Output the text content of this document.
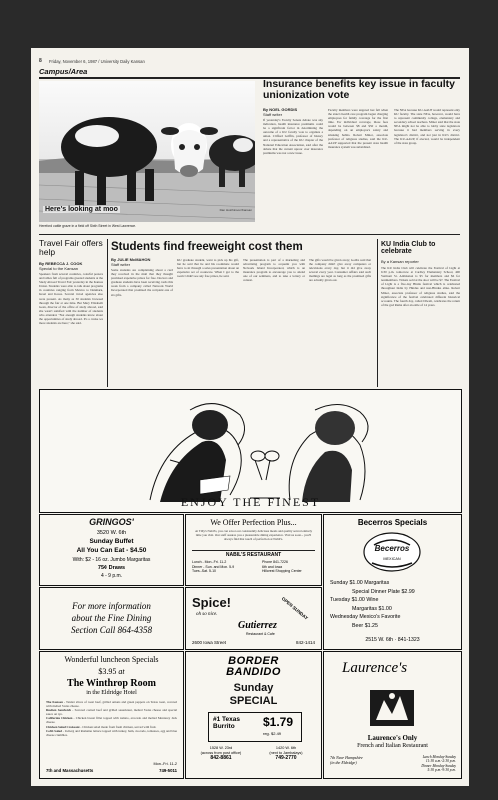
8 Friday, November 6, 1987 / University Daily Kansan
Campus/Area
Here's looking at moo	Dan Hutchinson/Kansan
Hereford cattle graze in a field off Sixth Street in West Lawrence.
Insurance benefits key issue in faculty unionization vote
By NOEL GORDIS
Staff writer
If yesterday's Faculty Senate debate was any indication, health insurance premiums could be a significant factor in determining the outcome of a KU faculty vote to organize a union. Clifford Griffin, professor of history and a representative of the KU chapter of the National Education Association, said after the debate that the current uproar over insurance premiums was not a new issue.
Faculty members were angered last fall when the state's health care program began charging employees for family coverage for the first time. For individual coverage, those fees would be between $8 and $50 a month, depending on an employee's salary and smoking habits. Robert Minor, associate professor of religious studies, said the KU-AAUP supported that the present state health insurance system was subsidized.
The NEA because KU-AAUP would represent only KU faculty. The state NEA, however, would have to represent community college, elementary and secondary school teachers. Minor said that the state NEA might not be able to lobby state legislators because it had members serving in every legislator's district, and not just in KU's district. The KU-AAUP, if elected, would be independent of the state group.
Travel Fair offers help
By REBECCA J. COOK
Special to the Kansan
Speakers from several countries, colorful posters and tables full of programs greeted students at the Study Abroad Travel Fair yesterday in the Kansas Union. Students were able to talk about programs in countries ranging from Mexico to Denmark, Israel and Korea. Several travel agencies also were present. As many as 30 students browsed through the fair at one time. But Mary Elizabeth Geen, director of the office of study abroad, said she wasn't satisfied with the number of students who attended. "Not enough students know about the opportunities of study abroad. It's a cruise we more students are here," she said.
Students find freeweight cost them
By JULIE McMAHON
Staff writer
Some students are complaining about a card they received in the mail that they thought promised expensive prizes for free. Doctors and graduate students have been receiving cards this week from a company called Network World Incorporated that promised the recipient one of six gifts.
KU graduate student, want to pick up his gift, but he said that he and his roommate would have to sit through a sales presentation about an expensive set of cookware. When I got to the room I didn't see any free prizes, he said.
The presentation is part of a marketing and advertising program to acquaint you with Network Island Incorporated, which is an insurance program to encourage you to attend one of our seminars, and to take a lottery or contest.
The gifts would be given away; Godbs said that the company didn't give away computers or televisions every day, but it did give away several every year. Consumer Affairs said such mailings are legal as long as the promised gifts are actually given out.
KU India Club to celebrate
By a Kansan reporter
The KU India Club will celebrate the Festival of Light at 6:30 p.m. tomorrow at Cardley Elementary School, 400 Vermont St. Admission is $5 for members and $6 for nonmembers. Tickets sold at the door will be $7. The Festival of Light is a five-day Hindu festival which is celebrated throughout India by Hindus and non-Hindus alike. Robert Minor, associate professor of religious studies, said the significance of the festival celebrated different historical accounts. The fourth day, called Diwali, celebrates the return of the god Rama after an exile of 14 years.
ENJOY THE FINEST
GRINGOS'
3520 W. 6th
Sunday Buffet
All You Can Eat - $4.50
With: $2 - 16 oz. Jumbo Margaritas
75¢ Draws
4 - 9 p.m.
We Offer Perfection Plus...
At Tilly's Nabil's, you can savor our consistently delicious meals and quality served entirely time you visit. Our staff assures you a pleasurable dining experience. Visit us soon... you'll always find that touch of perfection at Nabil's.
NABIL'S RESTAURANT
Lunch - Mon.-Fri. 11-2
Dinner - Sun. and Mon. 5-9
Tues.-Sat. 5-10
Phone 841-7226
6th and Iowa
Hillcrest Shopping Center
Becerros Specials
Becerros
MEXICAN
Sunday $1.00 Margaritas
Special Dinner Plate $2.99
Tuesday $1.00 Wine
Margaritas $1.00
Wednesday Mexico's Favorite
Beer $1.25
2515 W. 6th · 841-1323
For more information
about the Fine Dining
Section Call 864-4358
Spice!
oh so nice.
Gutierrez
Restaurant & Cafe
OPEN SUNDAY
2600 Iowa Street	842-1414
Wonderful luncheon Specials
$3.95 at
The Winthrop Room
in the Eldridge Hotel
The Kansan - Tender slices of roast beef, grilled onions and green peppers on Texas toast, covered with melted Swiss cheese.
Rueben Sandwich - Savored corned beef and grilled sauerkraut, melted Swiss cheese and special sauce on rye.
California Chicken - Chicken breast fillet topped with tomato, avocado and melted Monterey Jack cheese.
Chicken Salad Croissant - Chicken salad made from fresh chicken, served with fruit.
Cobb Salad - Iceberg and Romaine lettuce topped with turkey, ham, avocado, tomatoes, egg and blue cheese crumbles.
Mon.-Fri. 11-2
7th and Massachusetts	749-5011
BORDER
BANDIDO
Sunday
SPECIAL
#1 Texas Burrito	$1.79
reg. $2.49
1528 W. 23rd
(across from post office)
842-8861
1420 W. 6th
(next to Jambalays)
749-2770
Laurence's
Laurence's Only
French and Italian Restaurant
7th Near Hampshire
(in the Eldridge)
Lunch Monday-Sunday
11:30 a.m.-2:30 p.m.
Dinner Monday-Sunday
5:30 p.m.-9:30 p.m.
